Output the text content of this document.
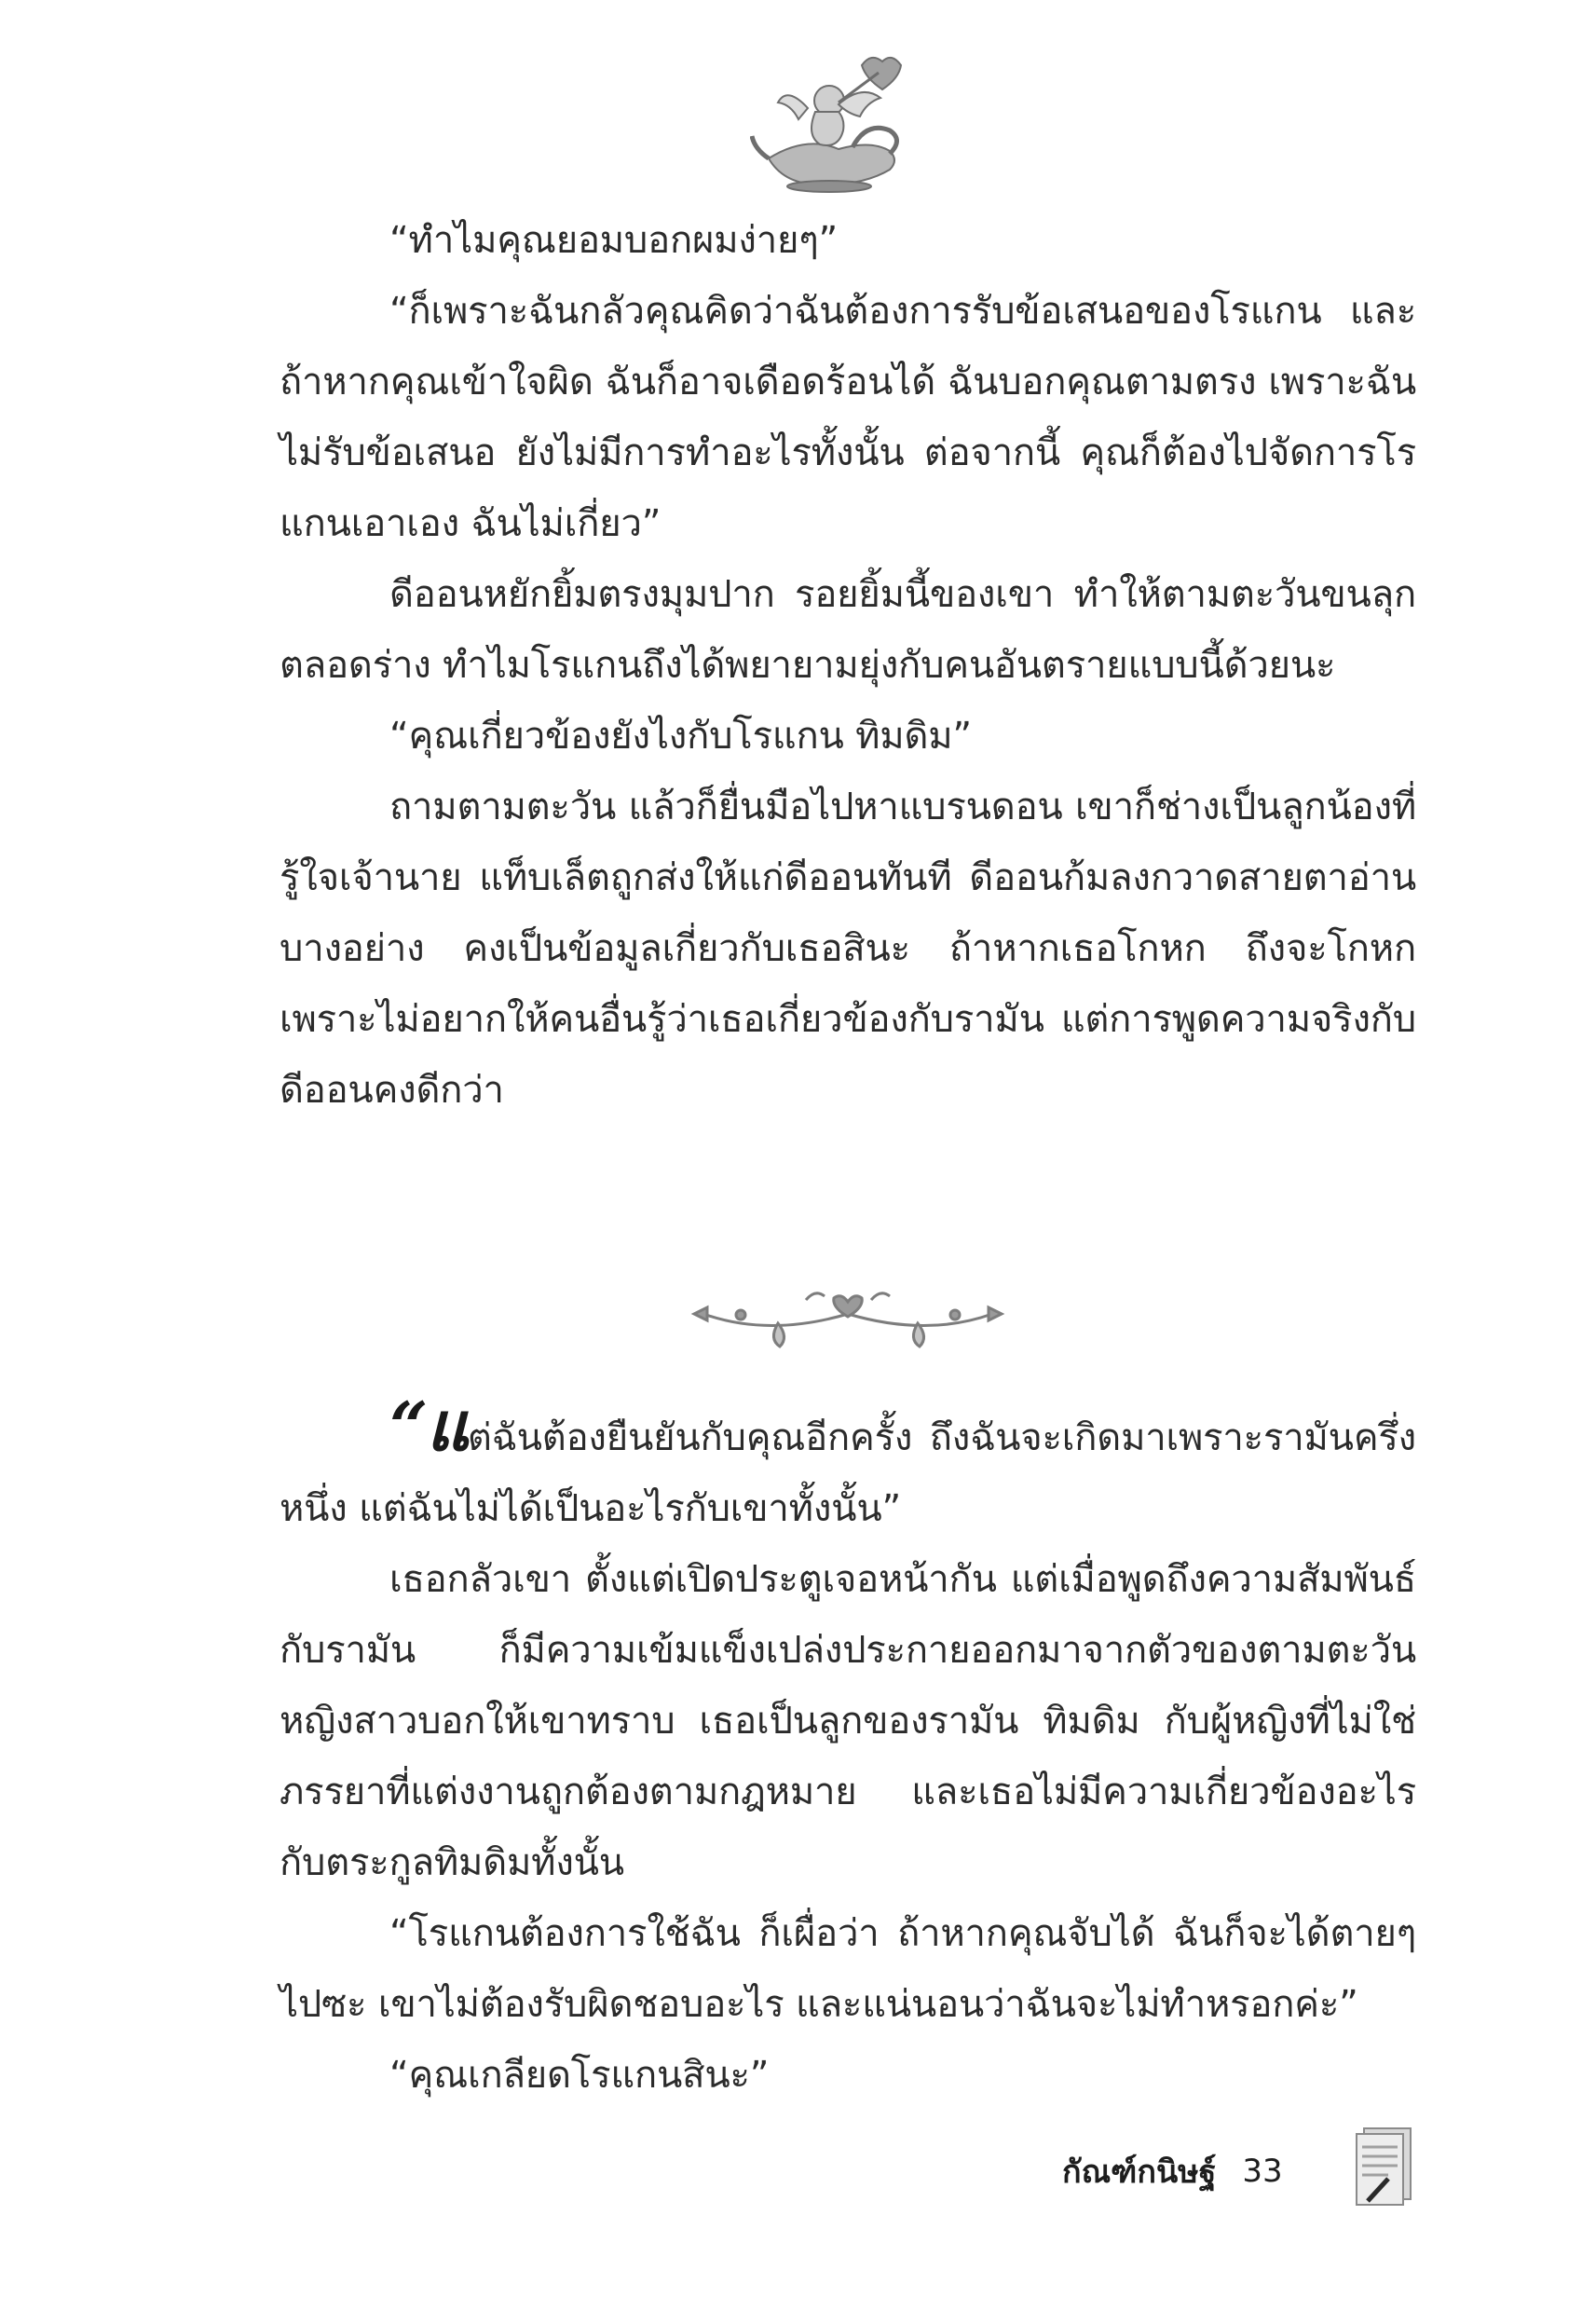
“ทำไมคุณยอมบอกผมง่ายๆ”

“ก็เพราะฉันกลัวคุณคิดว่าฉันต้องการรับข้อเสนอของโรแกน และถ้าหากคุณเข้าใจผิด ฉันก็อาจเดือดร้อนได้ ฉันบอกคุณตามตรง เพราะฉันไม่รับข้อเสนอ ยังไม่มีการทำอะไรทั้งนั้น ต่อจากนี้ คุณก็ต้องไปจัดการโรแกนเอาเอง ฉันไม่เกี่ยว”

ดีออนหยักยิ้มตรงมุมปาก รอยยิ้มนี้ของเขา ทำให้ตามตะวันขนลุกตลอดร่าง ทำไมโรแกนถึงได้พยายามยุ่งกับคนอันตรายแบบนี้ด้วยนะ

“คุณเกี่ยวข้องยังไงกับโรแกน ทิมดิม”

ถามตามตะวัน แล้วก็ยื่นมือไปหาแบรนดอน เขาก็ช่างเป็นลูกน้องที่รู้ใจเจ้านาย แท็บเล็ตถูกส่งให้แก่ดีออนทันที ดีออนก้มลงกวาดสายตาอ่านบางอย่าง คงเป็นข้อมูลเกี่ยวกับเธอสินะ ถ้าหากเธอโกหก ถึงจะโกหกเพราะไม่อยากให้คนอื่นรู้ว่าเธอเกี่ยวข้องกับรามัน แต่การพูดความจริงกับดีออนคงดีกว่า

“แต่ฉันต้องยืนยันกับคุณอีกครั้ง ถึงฉันจะเกิดมาเพราะรามันครึ่งหนึ่ง แต่ฉันไม่ได้เป็นอะไรกับเขาทั้งนั้น”

เธอกลัวเขา ตั้งแต่เปิดประตูเจอหน้ากัน แต่เมื่อพูดถึงความสัมพันธ์กับรามัน ก็มีความเข้มแข็งเปล่งประกายออกมาจากตัวของตามตะวัน หญิงสาวบอกให้เขาทราบ เธอเป็นลูกของรามัน ทิมดิม กับผู้หญิงที่ไม่ใช่ภรรยาที่แต่งงานถูกต้องตามกฎหมาย และเธอไม่มีความเกี่ยวข้องอะไรกับตระกูลทิมดิมทั้งนั้น

“โรแกนต้องการใช้ฉัน ก็เผื่อว่า ถ้าหากคุณจับได้ ฉันก็จะได้ตายๆ ไปซะ เขาไม่ต้องรับผิดชอบอะไร และแน่นอนว่าฉันจะไม่ทำหรอกค่ะ”

“คุณเกลียดโรแกนสินะ”

กัณฑ์กนิษฐ์ 33
